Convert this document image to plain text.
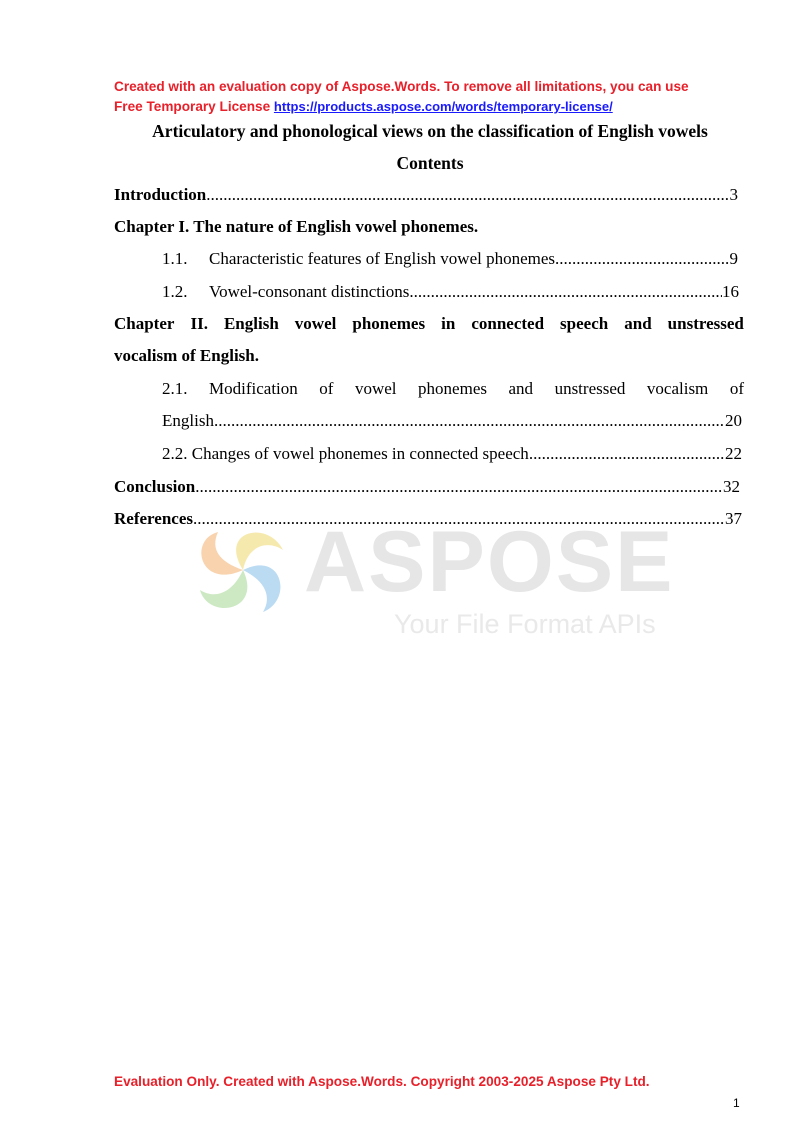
Created with an evaluation copy of Aspose.Words. To remove all limitations, you can use
Free Temporary License https://products.aspose.com/words/temporary-license/
Articulatory and phonological views on the classification of English vowels
Contents
ASPOSE
Your File Format APIs
Introduction .....	3
Chapter I. The nature of English vowel phonemes.
1.1.	Characteristic features of English vowel phonemes .....	9
1.2.	Vowel-consonant distinctions .....	16
Chapter II. English vowel phonemes in connected speech and unstressed
vocalism of English.
2.1. Modification of vowel phonemes and unstressed vocalism of
English .....	20
2.2. Changes of vowel phonemes in connected speech .....	22
Conclusion .....	32
References .....	37
Evaluation Only. Created with Aspose.Words. Copyright 2003-2025 Aspose Pty Ltd.
1
